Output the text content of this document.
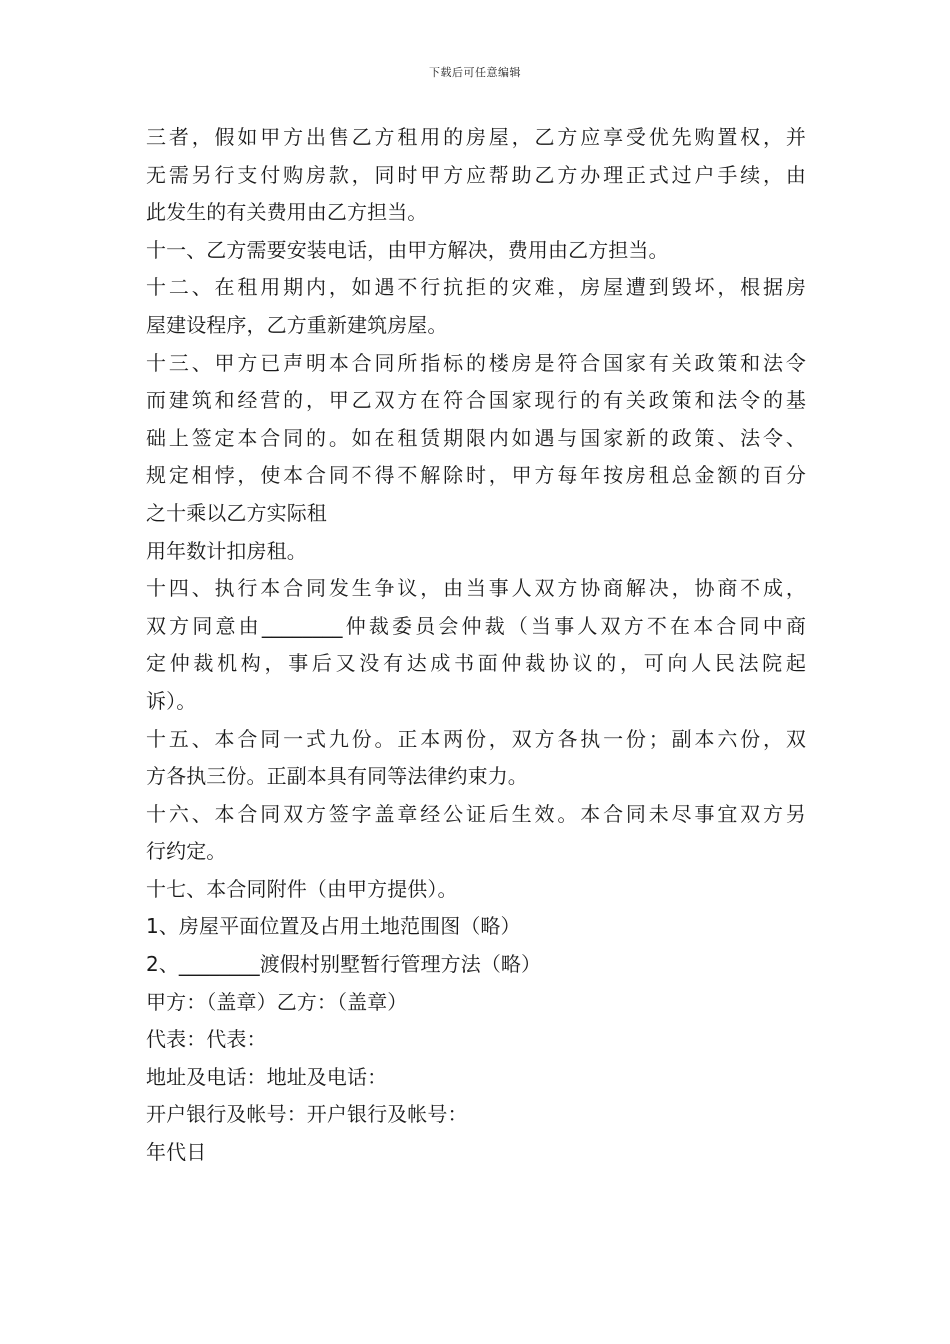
下载后可任意编辑
三者，假如甲方出售乙方租用的房屋，乙方应享受优先购置权，并
无需另行支付购房款，同时甲方应帮助乙方办理正式过户手续，由
此发生的有关费用由乙方担当。
十一、乙方需要安装电话，由甲方解决，费用由乙方担当。
十二、在租用期内，如遇不行抗拒的灾难，房屋遭到毁坏，根据房
屋建设程序，乙方重新建筑房屋。
十三、甲方已声明本合同所指标的楼房是符合国家有关政策和法令
而建筑和经营的，甲乙双方在符合国家现行的有关政策和法令的基
础上签定本合同的。如在租赁期限内如遇与国家新的政策、法令、
规定相悖，使本合同不得不解除时，甲方每年按房租总金额的百分
之十乘以乙方实际租
用年数计扣房租。
十四、执行本合同发生争议，由当事人双方协商解决，协商不成，
双方同意由________仲裁委员会仲裁（当事人双方不在本合同中商
定仲裁机构，事后又没有达成书面仲裁协议的，可向人民法院起
诉）。
十五、本合同一式九份。正本两份，双方各执一份；副本六份，双
方各执三份。正副本具有同等法律约束力。
十六、本合同双方签字盖章经公证后生效。本合同未尽事宜双方另
行约定。
十七、本合同附件（由甲方提供）。
1、房屋平面位置及占用土地范围图（略）
2、________渡假村别墅暂行管理方法（略）
甲方：（盖章）乙方：（盖章）
代表：代表：
地址及电话：地址及电话：
开户银行及帐号：开户银行及帐号：
年代日
